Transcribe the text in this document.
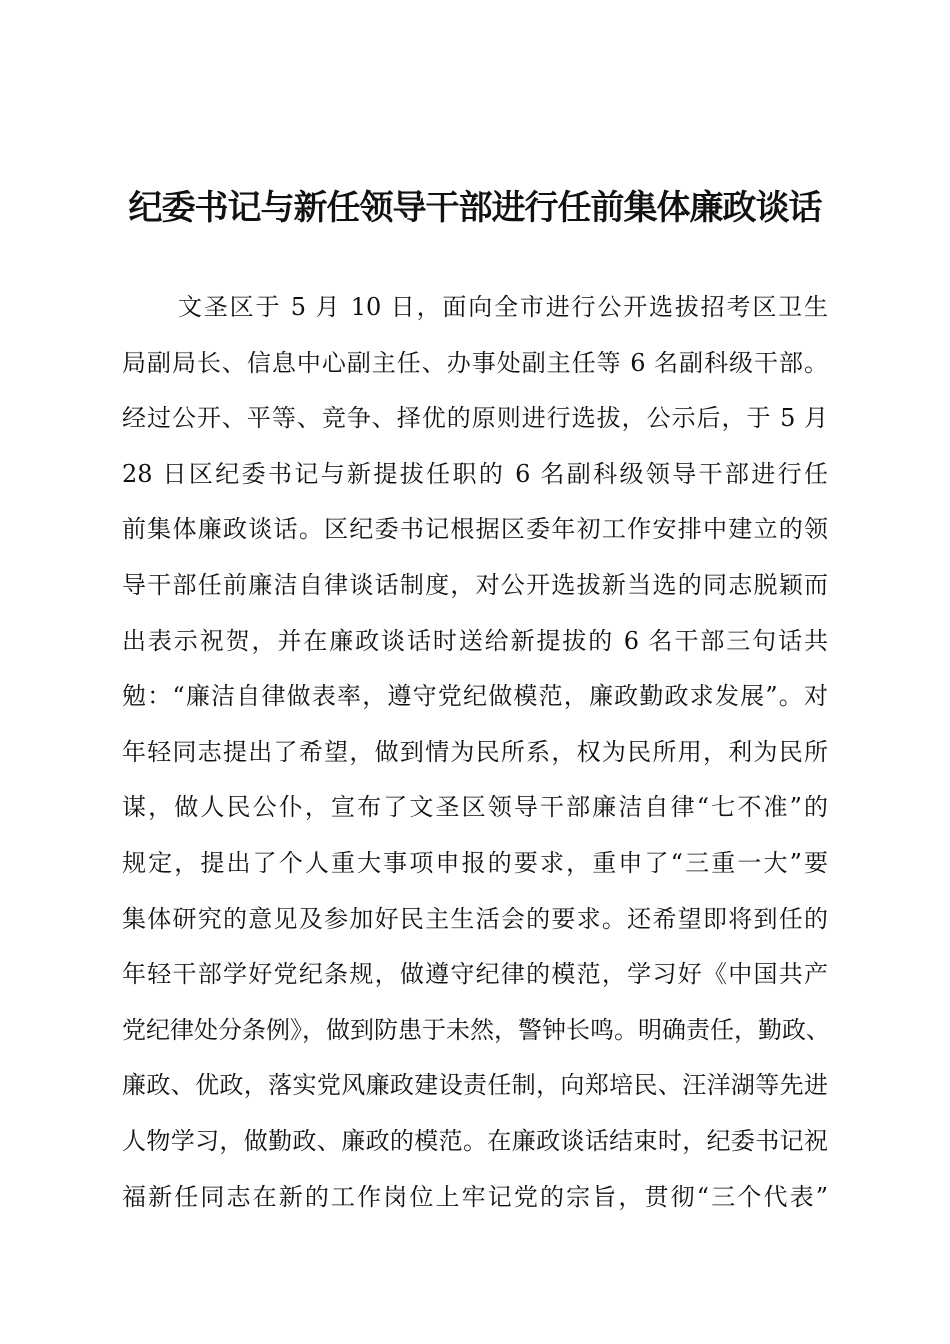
纪委书记与新任领导干部进行任前集体廉政谈话
文圣区于 5 月 10 日，面向全市进行公开选拔招考区卫生
局副局长、信息中心副主任、办事处副主任等 6 名副科级干部。
经过公开、平等、竞争、择优的原则进行选拔，公示后，于 5 月
28 日区纪委书记与新提拔任职的 6 名副科级领导干部进行任
前集体廉政谈话。区纪委书记根据区委年初工作安排中建立的领
导干部任前廉洁自律谈话制度，对公开选拔新当选的同志脱颖而
出表示祝贺，并在廉政谈话时送给新提拔的 6 名干部三句话共
勉：“廉洁自律做表率，遵守党纪做模范，廉政勤政求发展”。对
年轻同志提出了希望，做到情为民所系，权为民所用，利为民所
谋，做人民公仆，宣布了文圣区领导干部廉洁自律“七不准”的
规定，提出了个人重大事项申报的要求，重申了“三重一大”要
集体研究的意见及参加好民主生活会的要求。还希望即将到任的
年轻干部学好党纪条规，做遵守纪律的模范，学习好《中国共产
党纪律处分条例》，做到防患于未然，警钟长鸣。明确责任，勤政、
廉政、优政，落实党风廉政建设责任制，向郑培民、汪洋湖等先进
人物学习，做勤政、廉政的模范。在廉政谈话结束时，纪委书记祝
福新任同志在新的工作岗位上牢记党的宗旨，贯彻“三个代表”
